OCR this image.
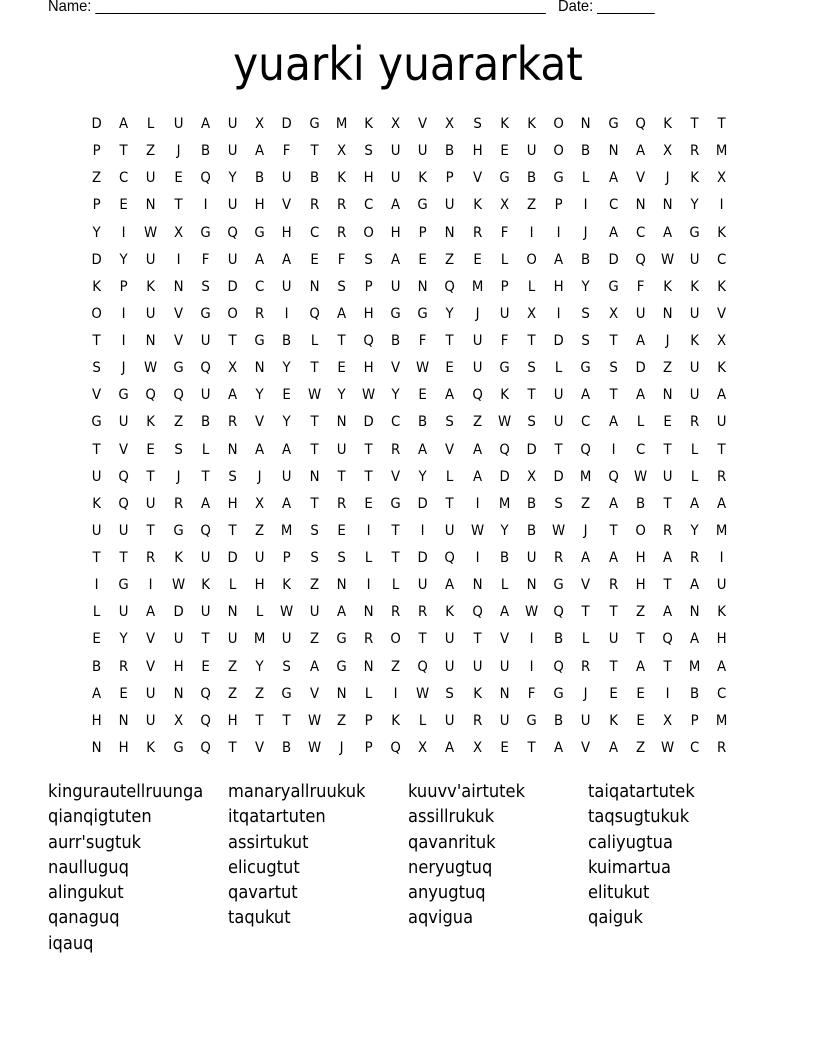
Name: _______________________________________________________ Date: _______
yuarki yuararkat
D	A	L	U	A	U	X	D	G	M	K	X	V	X	S	K	K	O	N	G	Q	K	T	T
P	T	Z	J	B	U	A	F	T	X	S	U	U	B	H	E	U	O	B	N	A	X	R	M
Z	C	U	E	Q	Y	B	U	B	K	H	U	K	P	V	G	B	G	L	A	V	J	K	X
P	E	N	T	I	U	H	V	R	R	C	A	G	U	K	X	Z	P	I	C	N	N	Y	I
Y	I	W	X	G	Q	G	H	C	R	O	H	P	N	R	F	I	I	J	A	C	A	G	K
D	Y	U	I	F	U	A	A	E	F	S	A	E	Z	E	L	O	A	B	D	Q	W	U	C
K	P	K	N	S	D	C	U	N	S	P	U	N	Q	M	P	L	H	Y	G	F	K	K	K
O	I	U	V	G	O	R	I	Q	A	H	G	G	Y	J	U	X	I	S	X	U	N	U	V
T	I	N	V	U	T	G	B	L	T	Q	B	F	T	U	F	T	D	S	T	A	J	K	X
S	J	W	G	Q	X	N	Y	T	E	H	V	W	E	U	G	S	L	G	S	D	Z	U	K
V	G	Q	Q	U	A	Y	E	W	Y	W	Y	E	A	Q	K	T	U	A	T	A	N	U	A
G	U	K	Z	B	R	V	Y	T	N	D	C	B	S	Z	W	S	U	C	A	L	E	R	U
T	V	E	S	L	N	A	A	T	U	T	R	A	V	A	Q	D	T	Q	I	C	T	L	T
U	Q	T	J	T	S	J	U	N	T	T	V	Y	L	A	D	X	D	M	Q	W	U	L	R
K	Q	U	R	A	H	X	A	T	R	E	G	D	T	I	M	B	S	Z	A	B	T	A	A
U	U	T	G	Q	T	Z	M	S	E	I	T	I	U	W	Y	B	W	J	T	O	R	Y	M
T	T	R	K	U	D	U	P	S	S	L	T	D	Q	I	B	U	R	A	A	H	A	R	I
I	G	I	W	K	L	H	K	Z	N	I	L	U	A	N	L	N	G	V	R	H	T	A	U
L	U	A	D	U	N	L	W	U	A	N	R	R	K	Q	A	W	Q	T	T	Z	A	N	K
E	Y	V	U	T	U	M	U	Z	G	R	O	T	U	T	V	I	B	L	U	T	Q	A	H
B	R	V	H	E	Z	Y	S	A	G	N	Z	Q	U	U	U	I	Q	R	T	A	T	M	A
A	E	U	N	Q	Z	Z	G	V	N	L	I	W	S	K	N	F	G	J	E	E	I	B	C
H	N	U	X	Q	H	T	T	W	Z	P	K	L	U	R	U	G	B	U	K	E	X	P	M
N	H	K	G	Q	T	V	B	W	J	P	Q	X	A	X	E	T	A	V	A	Z	W	C	R
kingurautellruunga	manaryallruukuk	kuuvv'airtutek	taiqatartutek
qianqigtuten	itqatartuten	assillrukuk	taqsugtukuk
aurr'sugtuk	assirtukut	qavanrituk	caliyugtua
naulluguq	elicugtut	neryugtuq	kuimartua
alingukut	qavartut	anyugtuq	elitukut
qanaguq	taqukut	aqvigua	qaiguk
iqauq
